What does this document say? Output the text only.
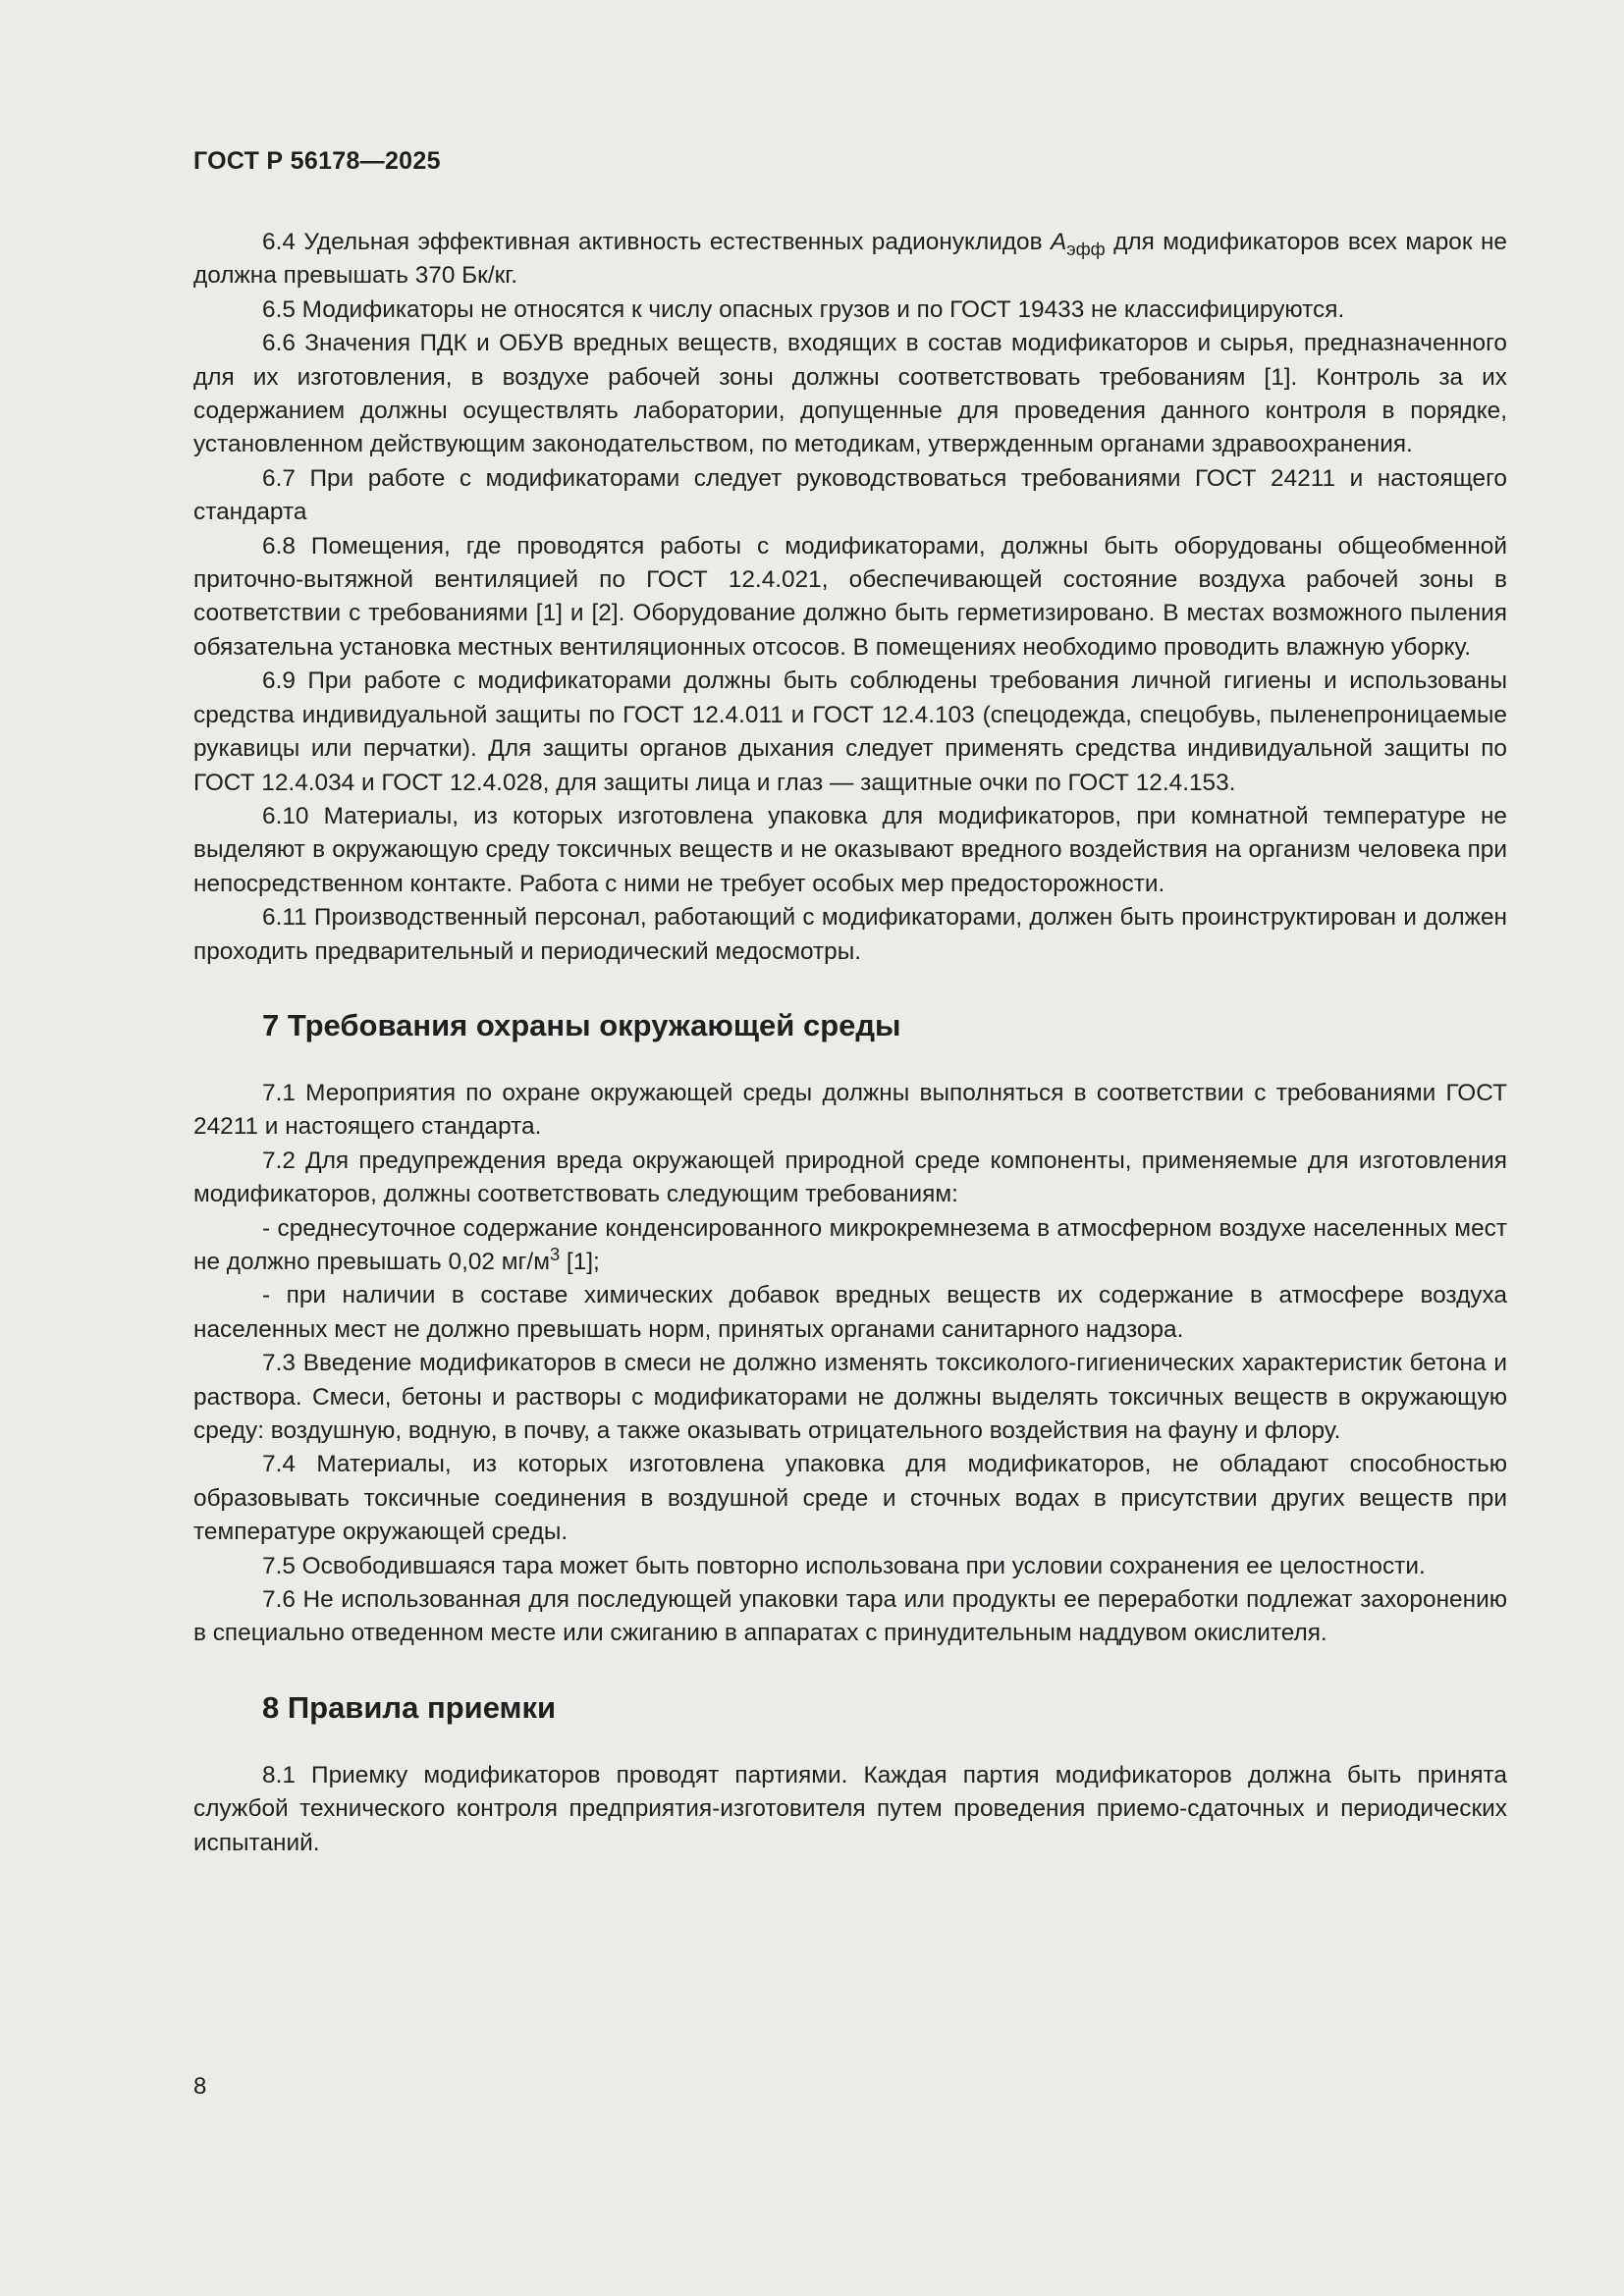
ГОСТ Р 56178—2025

6.4 Удельная эффективная активность естественных радионуклидов $A_{эфф}$ для модификаторов всех марок не должна превышать 370 Бк/кг.

6.5 Модификаторы не относятся к числу опасных грузов и по ГОСТ 19433 не классифицируются.

6.6 Значения ПДК и ОБУВ вредных веществ, входящих в состав модификаторов и сырья, предназначенного для их изготовления, в воздухе рабочей зоны должны соответствовать требованиям [1]. Контроль за их содержанием должны осуществлять лаборатории, допущенные для проведения данного контроля в порядке, установленном действующим законодательством, по методикам, утвержденным органами здравоохранения.

6.7 При работе с модификаторами следует руководствоваться требованиями ГОСТ 24211 и настоящего стандарта

6.8 Помещения, где проводятся работы с модификаторами, должны быть оборудованы общеобменной приточно-вытяжной вентиляцией по ГОСТ 12.4.021, обеспечивающей состояние воздуха рабочей зоны в соответствии с требованиями [1] и [2]. Оборудование должно быть герметизировано. В местах возможного пыления обязательна установка местных вентиляционных отсосов. В помещениях необходимо проводить влажную уборку.

6.9 При работе с модификаторами должны быть соблюдены требования личной гигиены и использованы средства индивидуальной защиты по ГОСТ 12.4.011 и ГОСТ 12.4.103 (спецодежда, спецобувь, пыленепроницаемые рукавицы или перчатки). Для защиты органов дыхания следует применять средства индивидуальной защиты по ГОСТ 12.4.034 и ГОСТ 12.4.028, для защиты лица и глаз — защитные очки по ГОСТ 12.4.153.

6.10 Материалы, из которых изготовлена упаковка для модификаторов, при комнатной температуре не выделяют в окружающую среду токсичных веществ и не оказывают вредного воздействия на организм человека при непосредственном контакте. Работа с ними не требует особых мер предосторожности.

6.11 Производственный персонал, работающий с модификаторами, должен быть проинструктирован и должен проходить предварительный и периодический медосмотры.

7 Требования охраны окружающей среды

7.1 Мероприятия по охране окружающей среды должны выполняться в соответствии с требованиями ГОСТ 24211 и настоящего стандарта.

7.2 Для предупреждения вреда окружающей природной среде компоненты, применяемые для изготовления модификаторов, должны соответствовать следующим требованиям:

- среднесуточное содержание конденсированного микрокремнезема в атмосферном воздухе населенных мест не должно превышать 0,02 $мг/м^3$ [1];

- при наличии в составе химических добавок вредных веществ их содержание в атмосфере воздуха населенных мест не должно превышать норм, принятых органами санитарного надзора.

7.3 Введение модификаторов в смеси не должно изменять токсиколого-гигиенических характеристик бетона и раствора. Смеси, бетоны и растворы с модификаторами не должны выделять токсичных веществ в окружающую среду: воздушную, водную, в почву, а также оказывать отрицательного воздействия на фауну и флору.

7.4 Материалы, из которых изготовлена упаковка для модификаторов, не обладают способностью образовывать токсичные соединения в воздушной среде и сточных водах в присутствии других веществ при температуре окружающей среды.

7.5 Освободившаяся тара может быть повторно использована при условии сохранения ее целостности.

7.6 Не использованная для последующей упаковки тара или продукты ее переработки подлежат захоронению в специально отведенном месте или сжиганию в аппаратах с принудительным наддувом окислителя.

8 Правила приемки

8.1 Приемку модификаторов проводят партиями. Каждая партия модификаторов должна быть принята службой технического контроля предприятия-изготовителя путем проведения приемо-сдаточных и периодических испытаний.

8
